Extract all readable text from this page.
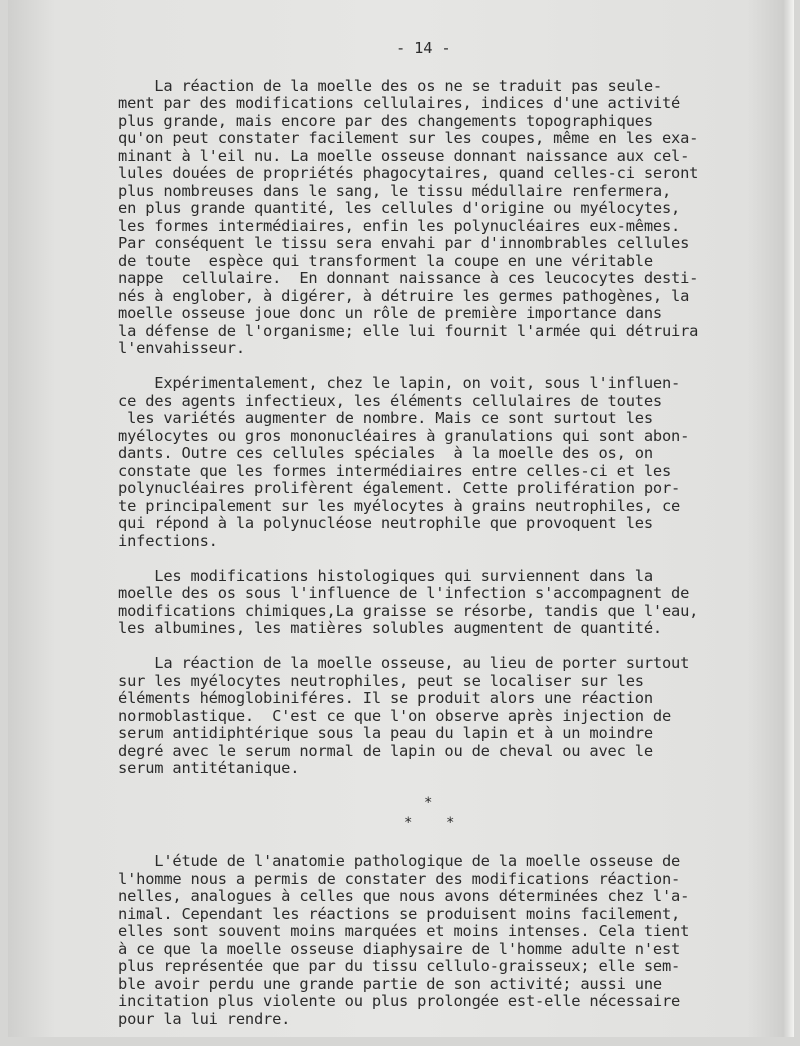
- 14 -
La réaction de la moelle des os ne se traduit pas seule-
ment par des modifications cellulaires, indices d'une activité
plus grande, mais encore par des changements topographiques
qu'on peut constater facilement sur les coupes, même en les exa-
minant à l'eil nu. La moelle osseuse donnant naissance aux cel-
lules douées de propriétés phagocytaires, quand celles-ci seront
plus nombreuses dans le sang, le tissu médullaire renfermera,
en plus grande quantité, les cellules d'origine ou myélocytes,
les formes intermédiaires, enfin les polynucléaires eux-mêmes.
Par conséquent le tissu sera envahi par d'innombrables cellules
de toute  espèce qui transforment la coupe en une véritable
nappe  cellulaire.  En donnant naissance à ces leucocytes desti-
nés à englober, à digérer, à détruire les germes pathogènes, la
moelle osseuse joue donc un rôle de première importance dans
la défense de l'organisme; elle lui fournit l'armée qui détruira
l'envahisseur.
Expérimentalement, chez le lapin, on voit, sous l'influen-
ce des agents infectieux, les éléments cellulaires de toutes
les variétés augmenter de nombre. Mais ce sont surtout les
myélocytes ou gros mononucléaires à granulations qui sont abon-
dants. Outre ces cellules spéciales  à la moelle des os, on
constate que les formes intermédiaires entre celles-ci et les
polynucléaires prolifèrent également. Cette prolifération por-
te principalement sur les myélocytes à grains neutrophiles, ce
qui répond à la polynucléose neutrophile que provoquent les
infections.
Les modifications histologiques qui surviennent dans la
moelle des os sous l'influence de l'infection s'accompagnent de
modifications chimiques,La graisse se résorbe, tandis que l'eau,
les albumines, les matières solubles augmentent de quantité.
La réaction de la moelle osseuse, au lieu de porter surtout
sur les myélocytes neutrophiles, peut se localiser sur les
éléments hémoglobiniféres. Il se produit alors une réaction
normoblastique.  C'est ce que l'on observe après injection de
serum antidiphtérique sous la peau du lapin et à un moindre
degré avec le serum normal de lapin ou de cheval ou avec le
serum antitétanique.
*
* *
L'étude de l'anatomie pathologique de la moelle osseuse de
l'homme nous a permis de constater des modifications réaction-
nelles, analogues à celles que nous avons déterminées chez l'a-
nimal. Cependant les réactions se produisent moins facilement,
elles sont souvent moins marquées et moins intenses. Cela tient
à ce que la moelle osseuse diaphysaire de l'homme adulte n'est
plus représentée que par du tissu cellulo-graisseux; elle sem-
ble avoir perdu une grande partie de son activité; aussi une
incitation plus violente ou plus prolongée est-elle nécessaire
pour la lui rendre.
